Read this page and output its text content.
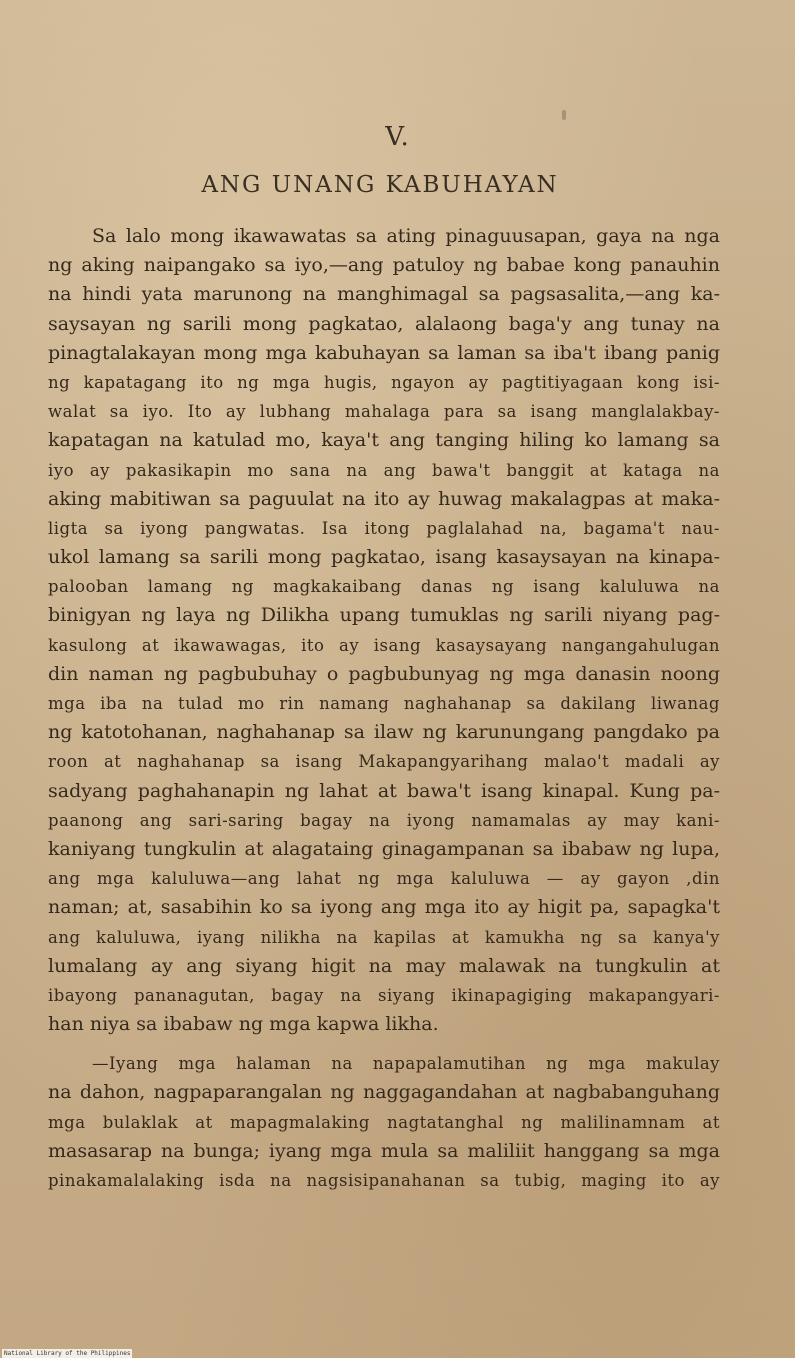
V.
ANG UNANG KABUHAYAN
Sa lalo mong ikawawatas sa ating pinaguusapan, gaya na nga
ng aking naipangako sa iyo,—ang patuloy ng babae kong panauhin
na hindi yata marunong na manghimagal sa pagsasalita,—ang ka-
saysayan ng sarili mong pagkatao, alalaong baga'y ang tunay na
pinagtalakayan mong mga kabuhayan sa laman sa iba't ibang panig
ng kapatagang ito ng mga hugis, ngayon ay pagtitiyagaan kong isi-
walat sa iyo. Ito ay lubhang mahalaga para sa isang manglalakbay-
kapatagan na katulad mo, kaya't ang tanging hiling ko lamang sa
iyo ay pakasikapin mo sana na ang bawa't banggit at kataga na
aking mabitiwan sa paguulat na ito ay huwag makalagpas at maka-
ligta sa iyong pangwatas. Isa itong paglalahad na, bagama't nau-
ukol lamang sa sarili mong pagkatao, isang kasaysayan na kinapa-
palooban lamang ng magkakaibang danas ng isang kaluluwa na
binigyan ng laya ng Dilikha upang tumuklas ng sarili niyang pag-
kasulong at ikawawagas, ito ay isang kasaysayang nangangahulugan
din naman ng pagbubuhay o pagbubunyag ng mga danasin noong
mga iba na tulad mo rin namang naghahanap sa dakilang liwanag
ng katotohanan, naghahanap sa ilaw ng karunungang pangdako pa
roon at naghahanap sa isang Makapangyarihang malao't madali ay
sadyang paghahanapin ng lahat at bawa't isang kinapal. Kung pa-
paanong ang sari-saring bagay na iyong namamalas ay may kani-
kaniyang tungkulin at alagataing ginagampanan sa ibabaw ng lupa,
ang mga kaluluwa—ang lahat ng mga kaluluwa — ay gayon ,din
naman; at, sasabihin ko sa iyong ang mga ito ay higit pa, sapagka't
ang kaluluwa, iyang nilikha na kapilas at kamukha ng sa kanya'y
lumalang ay ang siyang higit na may malawak na tungkulin at
ibayong pananagutan, bagay na siyang ikinapagiging makapangyari-
han niya sa ibabaw ng mga kapwa likha.
—Iyang mga halaman na napapalamutihan ng mga makulay
na dahon, nagpaparangalan ng naggagandahan at nagbabanguhang
mga bulaklak at mapagmalaking nagtatanghal ng malilinamnam at
masasarap na bunga; iyang mga mula sa maliliit hanggang sa mga
pinakamalalaking isda na nagsisipanahanan sa tubig, maging ito ay
National Library of the Philippines
